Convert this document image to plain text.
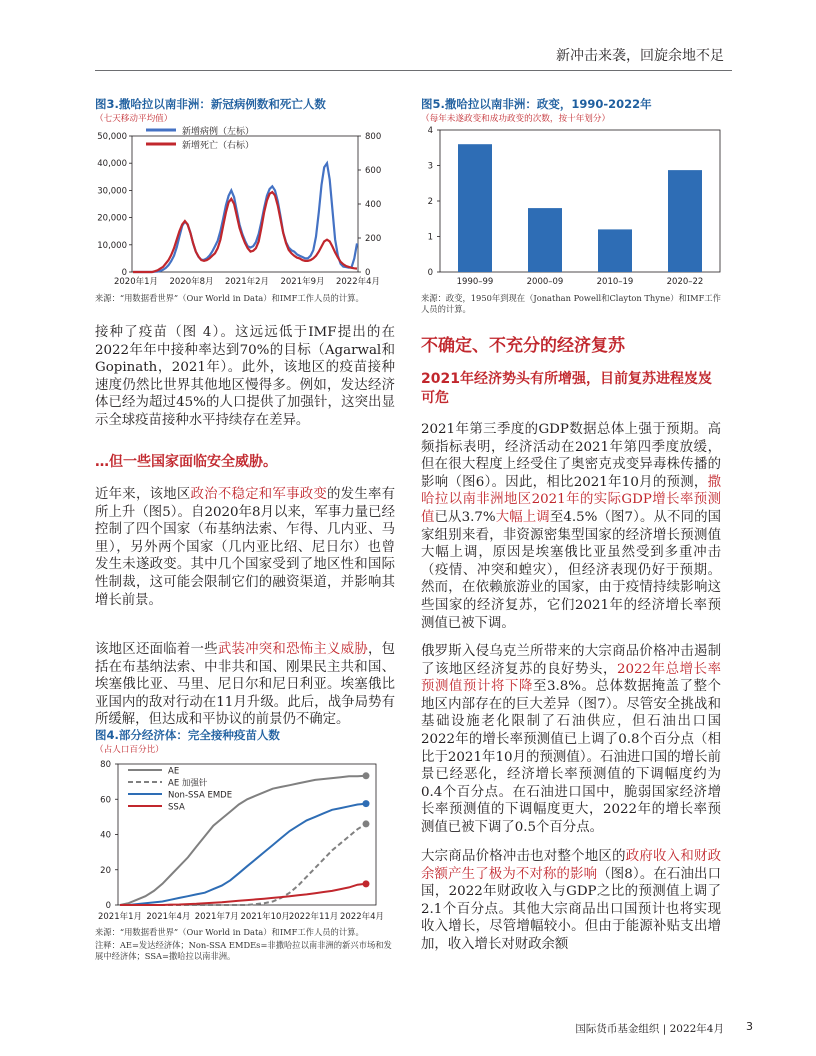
新冲击来袭，回旋余地不足
图3.撒哈拉以南非洲：新冠病例数和死亡人数
（七天移动平均值）
0
10,000
20,000
30,000
40,000
50,000
0
200
400
600
800
2020年1月 2020年8月 2021年2月 2021年9月 2022年4月
新增病例（左标）
新增死亡（右标）
来源：“用数据看世界”（Our World in Data）和IMF工作人员的计算。
图5.撒哈拉以南非洲：政变，1990-2022年
（每年未遂政变和成功政变的次数，按十年划分）
0
1
2
3
4
1990–99	2000–09	2010–19	2020–22
来源：政变，1950年到现在（Jonathan Powell和Clayton Thyne）和IMF工作人员的计算。
接种了疫苗（图 4）。这远远低于IMF提出的在2022年年中接种率达到70%的目标（Agarwal和Gopinath，2021年）。此外，该地区的疫苗接种速度仍然比世界其他地区慢得多。例如，发达经济体已经为超过45%的人口提供了加强针，这突出显示全球疫苗接种水平持续存在差异。
…但一些国家面临安全威胁。
近年来，该地区政治不稳定和军事政变的发生率有所上升（图5）。自2020年8月以来，军事力量已经控制了四个国家（布基纳法索、乍得、几内亚、马里），另外两个国家（几内亚比绍、尼日尔）也曾发生未遂政变。其中几个国家受到了地区性和国际性制裁，这可能会限制它们的融资渠道，并影响其增长前景。
该地区还面临着一些武装冲突和恐怖主义威胁，包括在布基纳法索、中非共和国、刚果民主共和国、埃塞俄比亚、马里、尼日尔和尼日利亚。埃塞俄比亚国内的敌对行动在11月升级。此后，战争局势有所缓解，但达成和平协议的前景仍不确定。
图4.部分经济体：完全接种疫苗人数
（占人口百分比）
0
20
40
60
80
2021年1月 2021年4月 2021年7月 2021年10月
2022年11月 2022年4月
AE
AE 加强针
Non-SSA EMDE
SSA
来源：“用数据看世界”（Our World in Data）和IMF工作人员的计算。
注释：AE=发达经济体；Non-SSA EMDEs=非撒哈拉以南非洲的新兴市场和发展中经济体；SSA=撒哈拉以南非洲。
不确定、不充分的经济复苏
2021年经济势头有所增强，目前复苏进程岌岌可危
2021年第三季度的GDP数据总体上强于预期。高频指标表明，经济活动在2021年第四季度放缓，但在很大程度上经受住了奥密克戎变异毒株传播的影响（图6）。因此，相比2021年10月的预测，撒哈拉以南非洲地区2021年的实际GDP增长率预测值已从3.7%大幅上调至4.5%（图7）。从不同的国家组别来看，非资源密集型国家的经济增长预测值大幅上调，原因是埃塞俄比亚虽然受到多重冲击（疫情、冲突和蝗灾），但经济表现仍好于预期。然而，在依赖旅游业的国家，由于疫情持续影响这些国家的经济复苏，它们2021年的经济增长率预测值已被下调。
俄罗斯入侵乌克兰所带来的大宗商品价格冲击遏制了该地区经济复苏的良好势头，2022年总增长率预测值预计将下降至3.8%。总体数据掩盖了整个地区内部存在的巨大差异（图7）。尽管安全挑战和基础设施老化限制了石油供应，但石油出口国2022年的增长率预测值已上调了0.8个百分点（相比于2021年10月的预测值）。石油进口国的增长前景已经恶化，经济增长率预测值的下调幅度约为0.4个百分点。在石油进口国中，脆弱国家经济增长率预测值的下调幅度更大，2022年的增长率预测值已被下调了0.5个百分点。
大宗商品价格冲击也对整个地区的政府收入和财政余额产生了极为不对称的影响（图8）。在石油出口国，2022年财政收入与GDP之比的预测值上调了2.1个百分点。其他大宗商品出口国预计也将实现收入增长，尽管增幅较小。但由于能源补贴支出增加，收入增长对财政余额
国际货币基金组织 | 2022年4月 3
